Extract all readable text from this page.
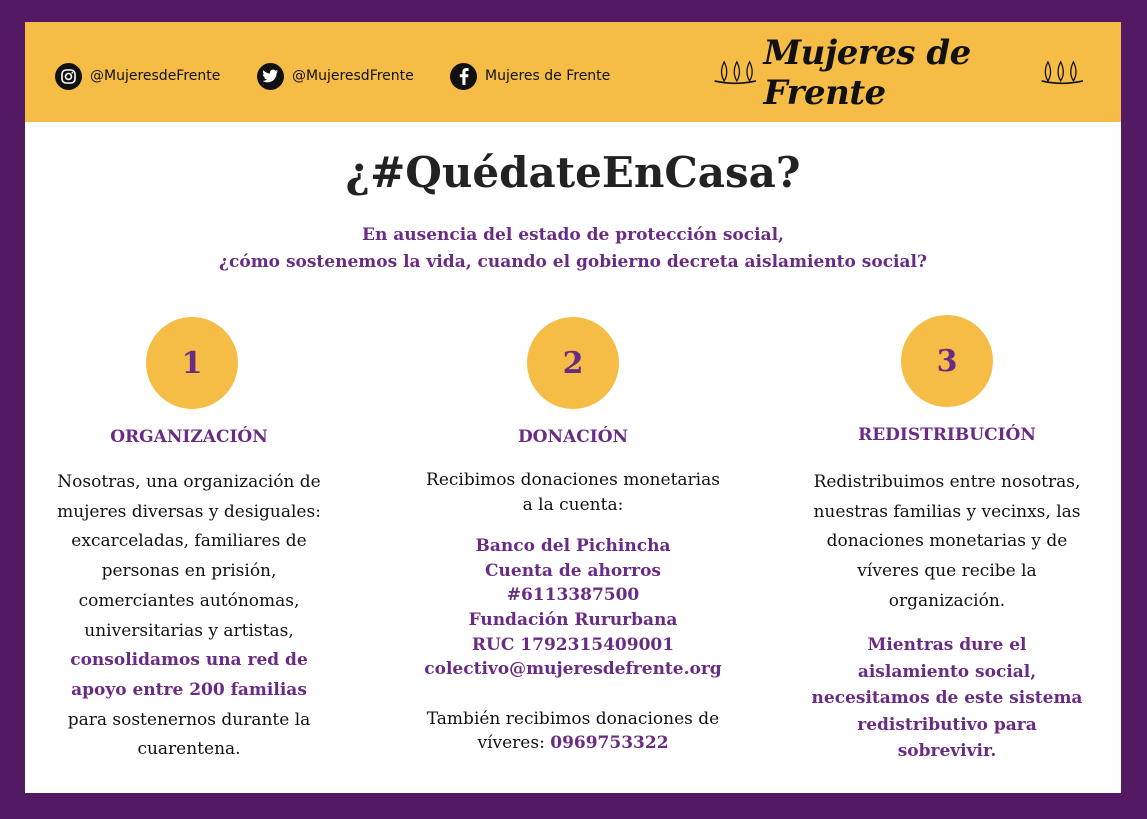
@MujeresdeFrente	@MujeresdFrente	Mujeres de Frente
Mujeres de Frente
¿#QuédateEnCasa?
En ausencia del estado de protección social,
¿cómo sostenemos la vida, cuando el gobierno decreta aislamiento social?
1
ORGANIZACIÓN
Nosotras, una organización de
mujeres diversas y desiguales:
excarceladas, familiares de
personas en prisión,
comerciantes autónomas,
universitarias y artistas,
consolidamos una red de
apoyo entre 200 familias
para sostenernos durante la
cuarentena.
2
DONACIÓN
Recibimos donaciones monetarias
a la cuenta:
Banco del Pichincha
Cuenta de ahorros
#6113387500
Fundación Rururbana
RUC 1792315409001
colectivo@mujeresdefrente.org
También recibimos donaciones de
víveres: 0969753322
3
REDISTRIBUCIÓN
Redistribuimos entre nosotras,
nuestras familias y vecinxs, las
donaciones monetarias y de
víveres que recibe la
organización.
Mientras dure el
aislamiento social,
necesitamos de este sistema
redistributivo para
sobrevivir.
